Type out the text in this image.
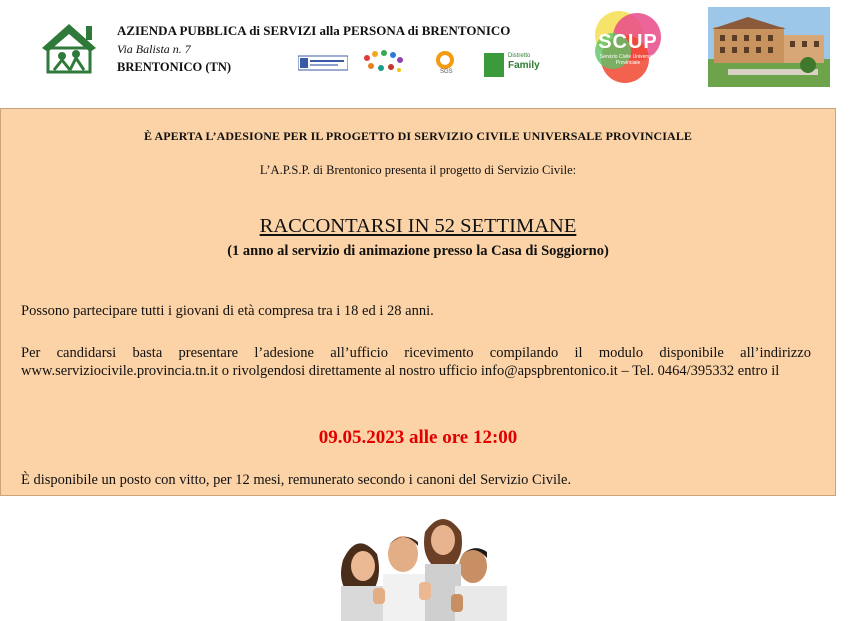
AZIENDA PUBBLICA di SERVIZI alla PERSONA di BRENTONICO
Via Balista n. 7
BRENTONICO (TN)	SGS
Distretto
Family
SCUP
Servizio Civile Universale Provinciale
È APERTA L’ADESIONE PER IL PROGETTO DI SERVIZIO CIVILE UNIVERSALE PROVINCIALE
L’A.P.S.P. di Brentonico presenta il progetto di Servizio Civile:
RACCONTARSI IN 52 SETTIMANE
(1 anno al servizio di animazione presso la Casa di Soggiorno)
Possono partecipare tutti i giovani di età compresa tra i 18 ed i 28 anni.
Per candidarsi basta presentare l’adesione all’ufficio ricevimento compilando il modulo disponibile all’indirizzo www.serviziocivile.provincia.tn.it o rivolgendosi direttamente al nostro ufficio info@apspbrentonico.it – Tel. 0464/395332 entro il
09.05.2023 alle ore 12:00
È disponibile un posto con vitto, per 12 mesi, remunerato secondo i canoni del Servizio Civile.
